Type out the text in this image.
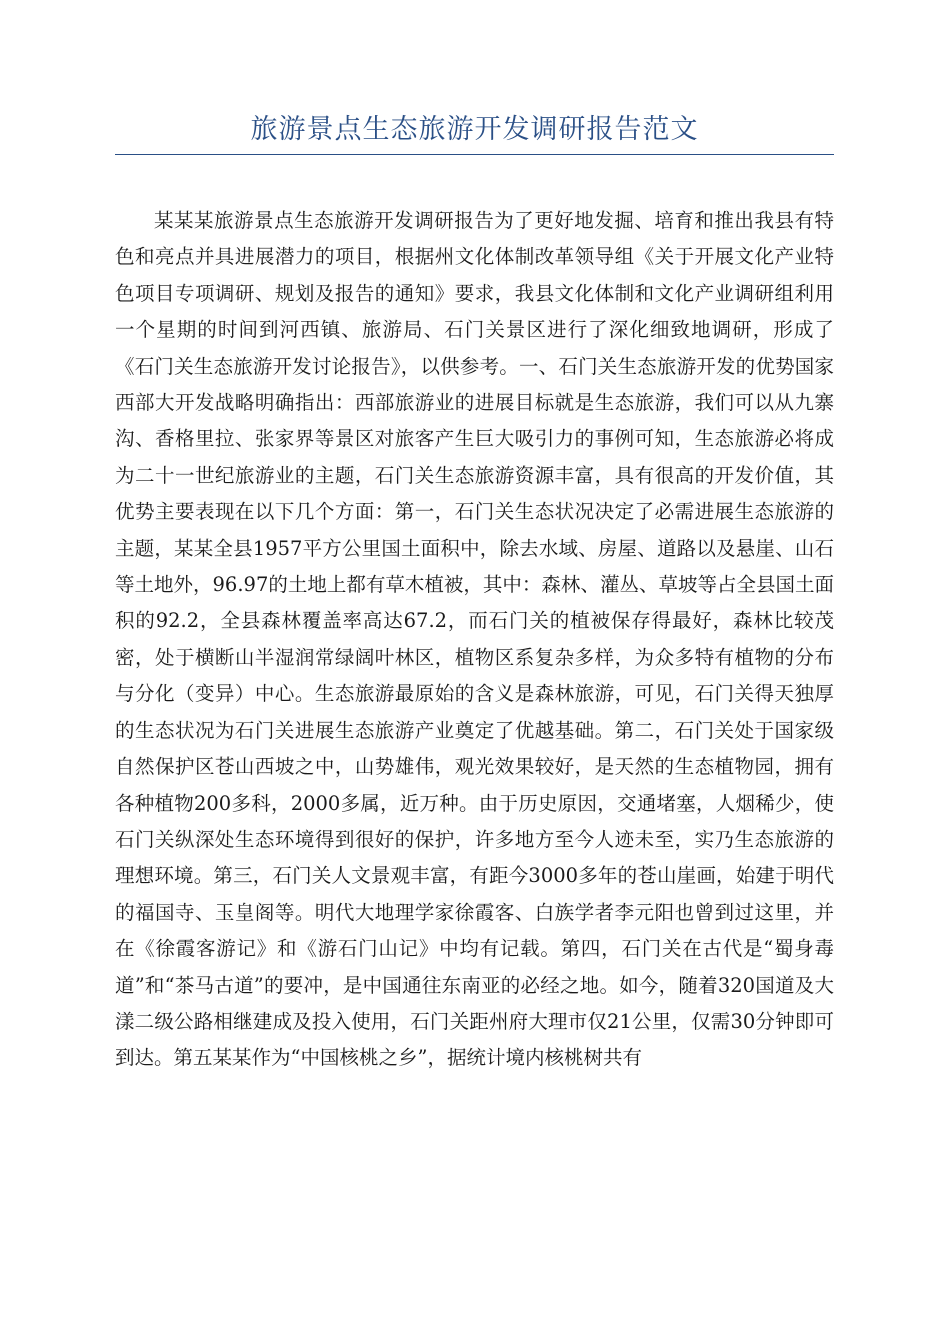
旅游景点生态旅游开发调研报告范文

某某某旅游景点生态旅游开发调研报告为了更好地发掘、培育和推出我县有特色和亮点并具进展潜力的项目，根据州文化体制改革领导组《关于开展文化产业特色项目专项调研、规划及报告的通知》要求，我县文化体制和文化产业调研组利用一个星期的时间到河西镇、旅游局、石门关景区进行了深化细致地调研，形成了《石门关生态旅游开发讨论报告》，以供参考。一、石门关生态旅游开发的优势国家西部大开发战略明确指出：西部旅游业的进展目标就是生态旅游，我们可以从九寨沟、香格里拉、张家界等景区对旅客产生巨大吸引力的事例可知，生态旅游必将成为二十一世纪旅游业的主题，石门关生态旅游资源丰富，具有很高的开发价值，其优势主要表现在以下几个方面：第一，石门关生态状况决定了必需进展生态旅游的主题，某某全县1957平方公里国土面积中，除去水域、房屋、道路以及悬崖、山石等土地外，96.97的土地上都有草木植被，其中：森林、灌丛、草坡等占全县国土面积的92.2，全县森林覆盖率高达67.2，而石门关的植被保存得最好，森林比较茂密，处于横断山半湿润常绿阔叶林区，植物区系复杂多样，为众多特有植物的分布与分化（变异）中心。生态旅游最原始的含义是森林旅游，可见，石门关得天独厚的生态状况为石门关进展生态旅游产业奠定了优越基础。第二，石门关处于国家级自然保护区苍山西坡之中，山势雄伟，观光效果较好，是天然的生态植物园，拥有各种植物200多科，2000多属，近万种。由于历史原因，交通堵塞，人烟稀少，使石门关纵深处生态环境得到很好的保护，许多地方至今人迹未至，实乃生态旅游的理想环境。第三，石门关人文景观丰富，有距今3000多年的苍山崖画，始建于明代的福国寺、玉皇阁等。明代大地理学家徐霞客、白族学者李元阳也曾到过这里，并在《徐霞客游记》和《游石门山记》中均有记载。第四，石门关在古代是“蜀身毒道”和“茶马古道”的要冲，是中国通往东南亚的必经之地。如今，随着320国道及大漾二级公路相继建成及投入使用，石门关距州府大理市仅21公里，仅需30分钟即可到达。第五某某作为“中国核桃之乡”，据统计境内核桃树共有
